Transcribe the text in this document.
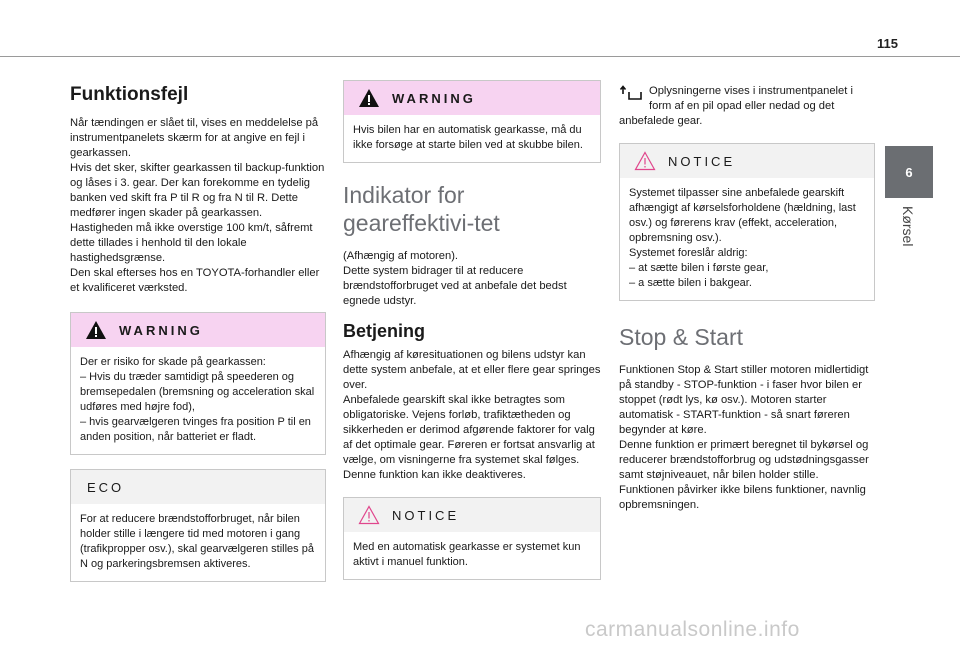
115
6
Kørsel
Funktionsfejl

Når tændingen er slået til, vises en meddelelse på instrumentpanelets skærm for at angive en fejl i gearkassen.
Hvis det sker, skifter gearkassen til backup-funktion og låses i 3. gear. Der kan forekomme en tydelig banken ved skift fra P til R og fra N til R. Dette medfører ingen skader på gearkassen.
Hastigheden må ikke overstige 100 km/t, såfremt dette tillades i henhold til den lokale hastighedsgrænse.
Den skal efterses hos en TOYOTA-forhandler eller et kvalificeret værksted.

WARNING
Der er risiko for skade på gearkassen:
– Hvis du træder samtidigt på speederen og bremsepedalen (bremsning og acceleration skal udføres med højre fod),
– hvis gearvælgeren tvinges fra position P til en anden position, når batteriet er fladt.
ECO
For at reducere brændstofforbruget, når bilen holder stille i længere tid med motoren i gang (trafikpropper osv.), skal gearvælgeren stilles på N og parkeringsbremsen aktiveres.
WARNING
Hvis bilen har en automatisk gearkasse, må du ikke forsøge at starte bilen ved at skubbe bilen.
Indikator for geareffektivi-tet

(Afhængig af motoren).
Dette system bidrager til at reducere brændstofforbruget ved at anbefale det bedst egnede udstyr.

Betjening

Afhængig af køresituationen og bilens udstyr kan dette system anbefale, at et eller flere gear springes over.
Anbefalede gearskift skal ikke betragtes som obligatoriske. Vejens forløb, trafiktætheden og sikkerheden er derimod afgørende faktorer for valg af det optimale gear. Føreren er fortsat ansvarlig at vælge, om visningerne fra systemet skal følges.
Denne funktion kan ikke deaktiveres.

NOTICE
Med en automatisk gearkasse er systemet kun aktivt i manuel funktion.

Oplysningerne vises i instrumentpanelet i form af en pil opad eller nedad og det

anbefalede gear.

NOTICE
Systemet tilpasser sine anbefalede gearskift afhængigt af kørselsforholdene (hældning, last osv.) og førerens krav (effekt, acceleration, opbremsning osv.).
Systemet foreslår aldrig:
– at sætte bilen i første gear,
– a sætte bilen i bakgear.
Stop & Start

Funktionen Stop & Start stiller motoren midlertidigt på standby - STOP-funktion - i faser hvor bilen er stoppet (rødt lys, kø osv.). Motoren starter automatisk - START-funktion - så snart føreren begynder at køre.
Denne funktion er primært beregnet til bykørsel og reducerer brændstofforbrug og udstødningsgasser samt støjniveauet, når bilen holder stille.
Funktionen påvirker ikke bilens funktioner, navnlig opbremsningen.

carmanualsonline.info
